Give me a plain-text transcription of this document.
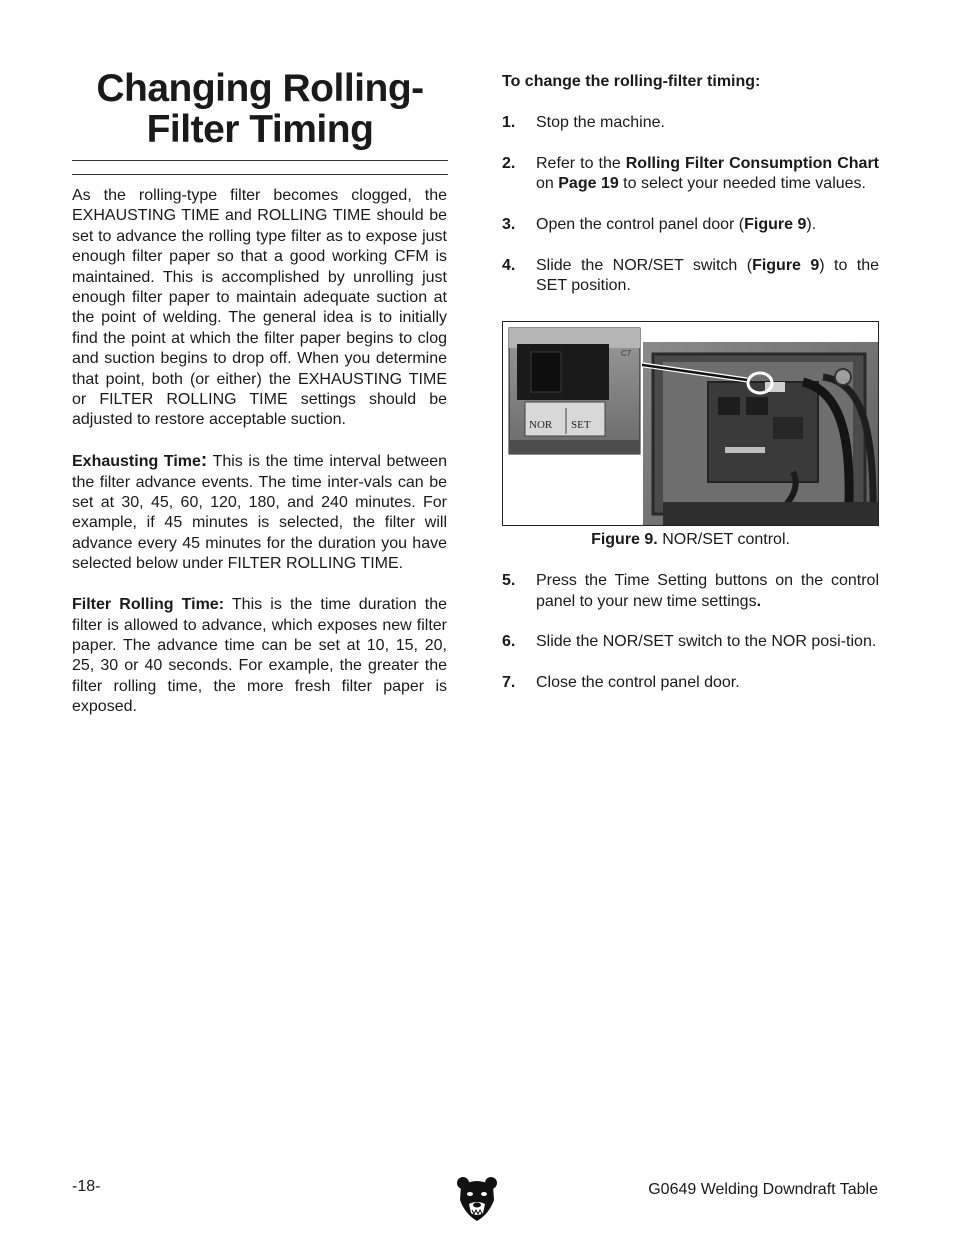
Changing Rolling-
Filter Timing

As the rolling-type filter becomes clogged, the EXHAUSTING TIME and ROLLING TIME should be set to advance the rolling type filter as to expose just enough filter paper so that a good working CFM is maintained. This is accomplished by unrolling just enough filter paper to maintain adequate suction at the point of welding. The general idea is to initially find the point at which the filter paper begins to clog and suction begins to drop off. When you determine that point, both (or either) the EXHAUSTING TIME or FILTER ROLLING TIME settings should be adjusted to restore acceptable suction.

Exhausting Time: This is the time interval between the filter advance events. The time inter-vals can be set at 30, 45, 60, 120, 180, and 240 minutes. For example, if 45 minutes is selected, the filter will advance every 45 minutes for the duration you have selected below under FILTER ROLLING TIME.

Filter Rolling Time: This is the time duration the filter is allowed to advance, which exposes new filter paper. The advance time can be set at 10, 15, 20, 25, 30 or 40 seconds. For example, the greater the filter rolling time, the more fresh filter paper is exposed.

To change the rolling-filter timing:

1. Stop the machine.

2. Refer to the Rolling Filter Consumption Chart on Page 19 to select your needed time values.

3. Open the control panel door (Figure 9).

4. Slide the NOR/SET switch (Figure 9) to the SET position.

NOR SET
C7

Figure 9. NOR/SET control.

5. Press the Time Setting buttons on the control panel to your new time settings.

6. Slide the NOR/SET switch to the NOR posi-tion.

7. Close the control panel door.

-18-	G0649 Welding Downdraft Table
